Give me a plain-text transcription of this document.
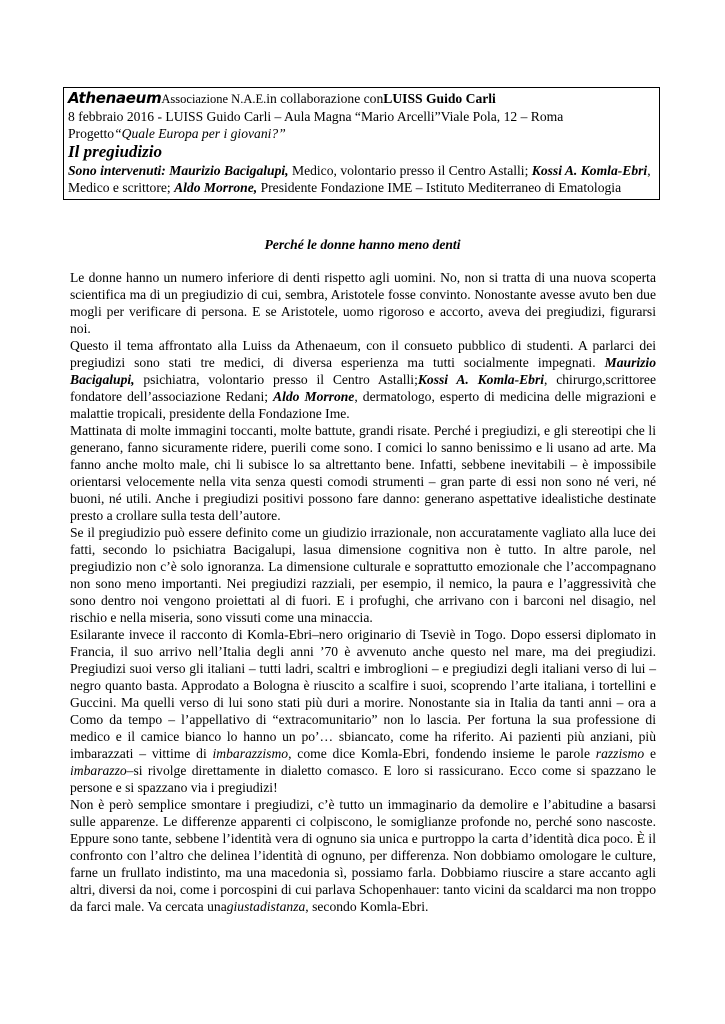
AthenaeumAssociazione N.A.E.in collaborazione conLUISS Guido Carli

8 febbraio 2016 - LUISS Guido Carli – Aula Magna “Mario Arcelli”Viale Pola, 12 – Roma

Progetto“Quale Europa per i giovani?”

Il pregiudizio

Sono intervenuti: Maurizio Bacigalupi, Medico, volontario presso il Centro Astalli; Kossi A. Komla-Ebri, Medico e scrittore; Aldo Morrone, Presidente Fondazione IME – Istituto Mediterraneo di Ematologia

Perché le donne hanno meno denti

Le donne hanno un numero inferiore di denti rispetto agli uomini. No, non si tratta di una nuova scoperta scientifica ma di un pregiudizio di cui, sembra, Aristotele fosse convinto. Nonostante avesse avuto ben due mogli per verificare di persona. E se Aristotele, uomo rigoroso e accorto, aveva dei pregiudizi, figurarsi noi.

Questo il tema affrontato alla Luiss da Athenaeum, con il consueto pubblico di studenti. A parlarci dei pregiudizi sono stati tre medici, di diversa esperienza ma tutti socialmente impegnati. Maurizio Bacigalupi, psichiatra, volontario presso il Centro Astalli;Kossi A. Komla-Ebri, chirurgo,scrittoree fondatore dell’associazione Redani; Aldo Morrone, dermatologo, esperto di medicina delle migrazioni e malattie tropicali, presidente della Fondazione Ime.

Mattinata di molte immagini toccanti, molte battute, grandi risate. Perché i pregiudizi, e gli stereotipi che li generano, fanno sicuramente ridere, puerili come sono. I comici lo sanno benissimo e li usano ad arte. Ma fanno anche molto male, chi li subisce lo sa altrettanto bene. Infatti, sebbene inevitabili – è impossibile orientarsi velocemente nella vita senza questi comodi strumenti – gran parte di essi non sono né veri, né buoni, né utili. Anche i pregiudizi positivi possono fare danno: generano aspettative idealistiche destinate presto a crollare sulla testa dell’autore.

Se il pregiudizio può essere definito come un giudizio irrazionale, non accuratamente vagliato alla luce dei fatti, secondo lo psichiatra Bacigalupi, lasua dimensione cognitiva non è tutto. In altre parole, nel pregiudizio non c’è solo ignoranza. La dimensione culturale e soprattutto emozionale che l’accompagnano non sono meno importanti. Nei pregiudizi razziali, per esempio, il nemico, la paura e l’aggressività che sono dentro noi vengono proiettati al di fuori. E i profughi, che arrivano con i barconi nel disagio, nel rischio e nella miseria, sono vissuti come una minaccia.

Esilarante invece il racconto di Komla-Ebri–nero originario di Tseviè in Togo. Dopo essersi diplomato in Francia, il suo arrivo nell’Italia degli anni ’70 è avvenuto anche questo nel mare, ma dei pregiudizi. Pregiudizi suoi verso gli italiani – tutti ladri, scaltri e imbroglioni – e pregiudizi degli italiani verso di lui – negro quanto basta. Approdato a Bologna è riuscito a scalfire i suoi, scoprendo l’arte italiana, i tortellini e Guccini. Ma quelli verso di lui sono stati più duri a morire. Nonostante sia in Italia da tanti anni – ora a Como da tempo – l’appellativo di “extracomunitario” non lo lascia. Per fortuna la sua professione di medico e il camice bianco lo hanno un po’… sbiancato, come ha riferito. Ai pazienti più anziani, più imbarazzati – vittime di imbarazzismo, come dice Komla-Ebri, fondendo insieme le parole razzismo e imbarazzo–si rivolge direttamente in dialetto comasco. E loro si rassicurano. Ecco come si spazzano le persone e si spazzano via i pregiudizi!

Non è però semplice smontare i pregiudizi, c’è tutto un immaginario da demolire e l’abitudine a basarsi sulle apparenze. Le differenze apparenti ci colpiscono, le somiglianze profonde no, perché sono nascoste. Eppure sono tante, sebbene l’identità vera di ognuno sia unica e purtroppo la carta d’identità dica poco. È il confronto con l’altro che delinea l’identità di ognuno, per differenza. Non dobbiamo omologare le culture, farne un frullato indistinto, ma una macedonia sì, possiamo farla. Dobbiamo riuscire a stare accanto agli altri, diversi da noi, come i porcospini di cui parlava Schopenhauer: tanto vicini da scaldarci ma non troppo da farci male. Va cercata unagiustadistanza, secondo Komla-Ebri.
